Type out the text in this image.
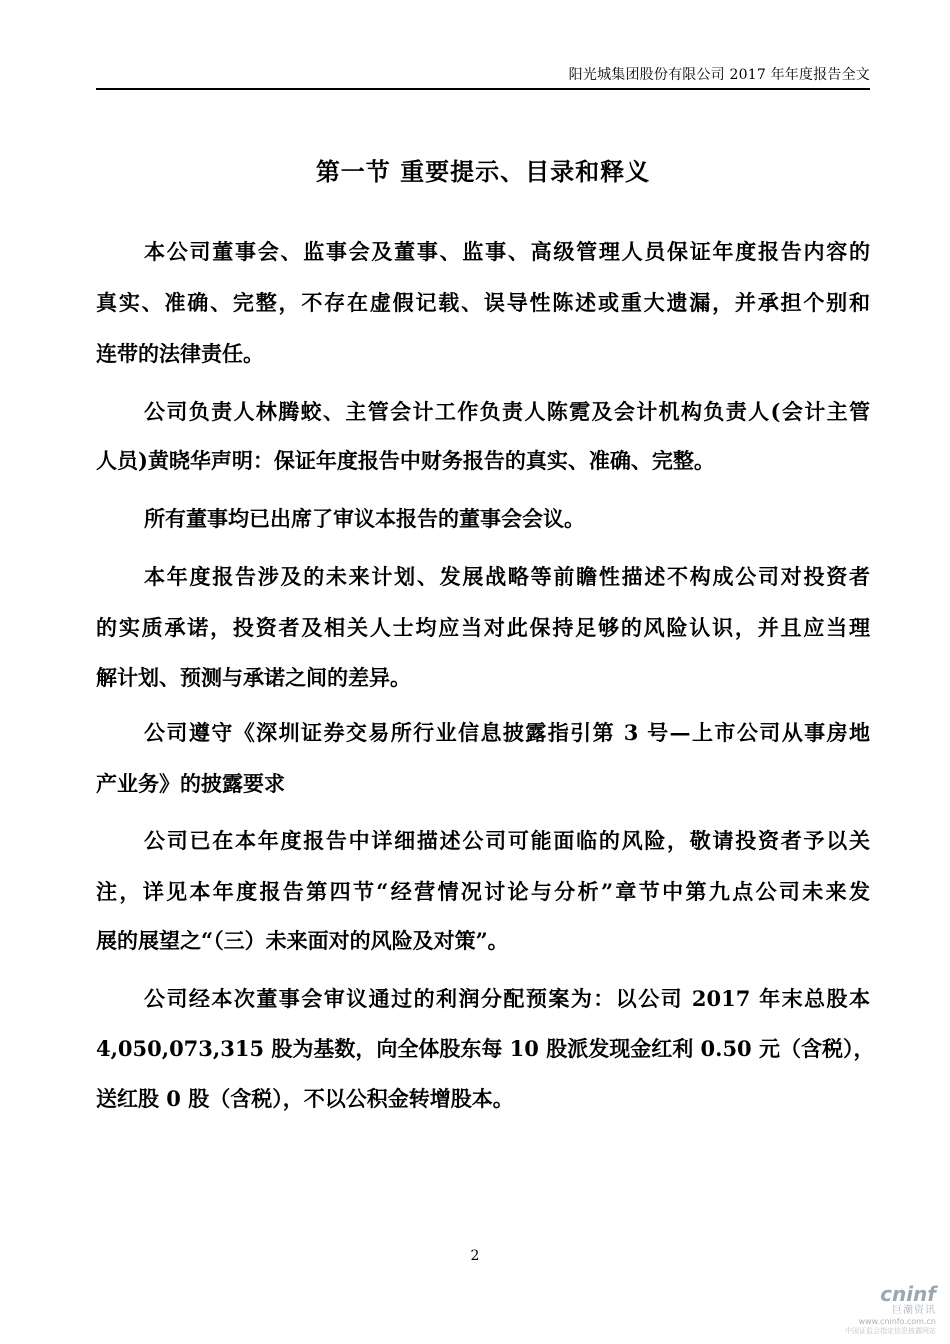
阳光城集团股份有限公司 2017 年年度报告全文
第一节 重要提示、目录和释义
本公司董事会、监事会及董事、监事、高级管理人员保证年度报告内容的
真实、准确、完整，不存在虚假记载、误导性陈述或重大遗漏，并承担个别和
连带的法律责任。
公司负责人林腾蛟、主管会计工作负责人陈霓及会计机构负责人(会计主管
人员)黄晓华声明：保证年度报告中财务报告的真实、准确、完整。
所有董事均已出席了审议本报告的董事会会议。
本年度报告涉及的未来计划、发展战略等前瞻性描述不构成公司对投资者
的实质承诺，投资者及相关人士均应当对此保持足够的风险认识，并且应当理
解计划、预测与承诺之间的差异。
公司遵守《深圳证券交易所行业信息披露指引第 3 号—上市公司从事房地
产业务》的披露要求
公司已在本年度报告中详细描述公司可能面临的风险，敬请投资者予以关
注，详见本年度报告第四节“经营情况讨论与分析”章节中第九点公司未来发
展的展望之“（三）未来面对的风险及对策”。
公司经本次董事会审议通过的利润分配预案为：以公司 2017 年末总股本
4,050,073,315 股为基数，向全体股东每 10 股派发现金红利 0.50 元（含税），
送红股 0 股（含税），不以公积金转增股本。
2
cninf
巨潮资讯
www.cninfo.com.cn
中国证监会指定信息披露网站
